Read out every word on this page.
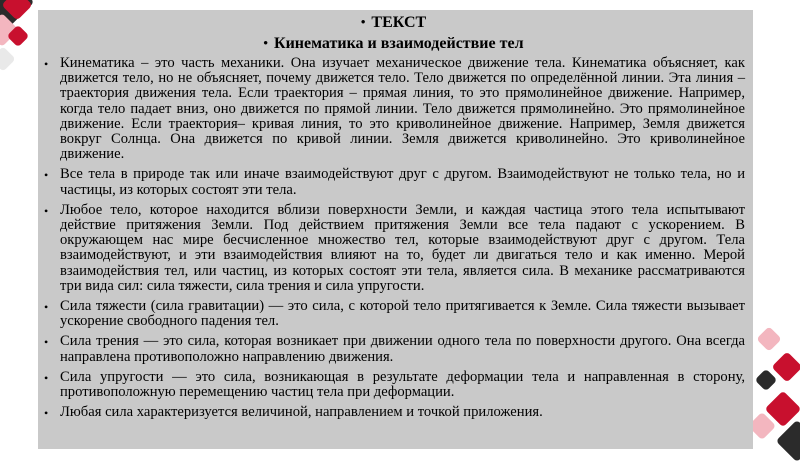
• ТЕКСТ
• Кинематика и взаимодействие тел
• Кинематика – это часть механики. Она изучает механическое движение тела. Кинематика объясняет, как движется тело, но не объясняет, почему движется тело. Тело движется по определённой линии. Эта линия – траектория движения тела. Если траектория – прямая линия, то это прямолинейное движение. Например, когда тело падает вниз, оно движется по прямой линии. Тело движется прямолинейно. Это прямолинейное движение. Если траектория– кривая линия, то это криволинейное движение. Например, Земля движется вокруг Солнца. Она движется по кривой линии. Земля движется криволинейно. Это криволинейное движение.
• Все тела в природе так или иначе взаимодействуют друг с другом. Взаимодействуют не только тела, но и частицы, из которых состоят эти тела.
• Любое тело, которое находится вблизи поверхности Земли, и каждая частица этого тела испытывают действие притяжения Земли. Под действием притяжения Земли все тела падают с ускорением. В окружающем нас мире бесчисленное множество тел, которые взаимодействуют друг с другом. Тела взаимодействуют, и эти взаимодействия влияют на то, будет ли двигаться тело и как именно. Мерой взаимодействия тел, или частиц, из которых состоят эти тела, является сила. В механике рассматриваются три вида сил: сила тяжести, сила трения и сила упругости.
• Сила тяжести (сила гравитации) — это сила, с которой тело притягивается к Земле. Сила тяжести вызывает ускорение свободного падения тел.
• Сила трения — это сила, которая возникает при движении одного тела по поверхности другого. Она всегда направлена противоположно направлению движения.
• Сила упругости — это сила, возникающая в результате деформации тела и направленная в сторону, противоположную перемещению частиц тела при деформации.
• Любая сила характеризуется величиной, направлением и точкой приложения.
